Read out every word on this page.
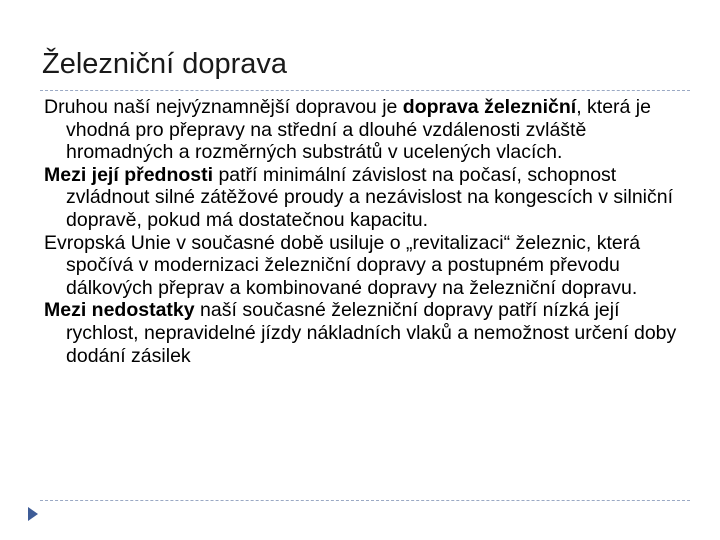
Železniční doprava

Druhou naší nejvýznamnější dopravou je doprava železniční, která je vhodná pro přepravy na střední a dlouhé vzdálenosti zvláště hromadných a rozměrných substrátů v ucelených vlacích.

Mezi její přednosti patří minimální závislost na počasí, schopnost zvládnout silné zátěžové proudy a nezávislost na kongescích v silniční dopravě, pokud má dostatečnou kapacitu.

Evropská Unie v současné době usiluje o „revitalizaci“ železnic, která spočívá v modernizaci železniční dopravy a postupném převodu dálkových přeprav a kombinované dopravy na železniční dopravu.

Mezi nedostatky naší současné železniční dopravy patří nízká její rychlost, nepravidelné jízdy nákladních vlaků a nemožnost určení doby dodání zásilek
